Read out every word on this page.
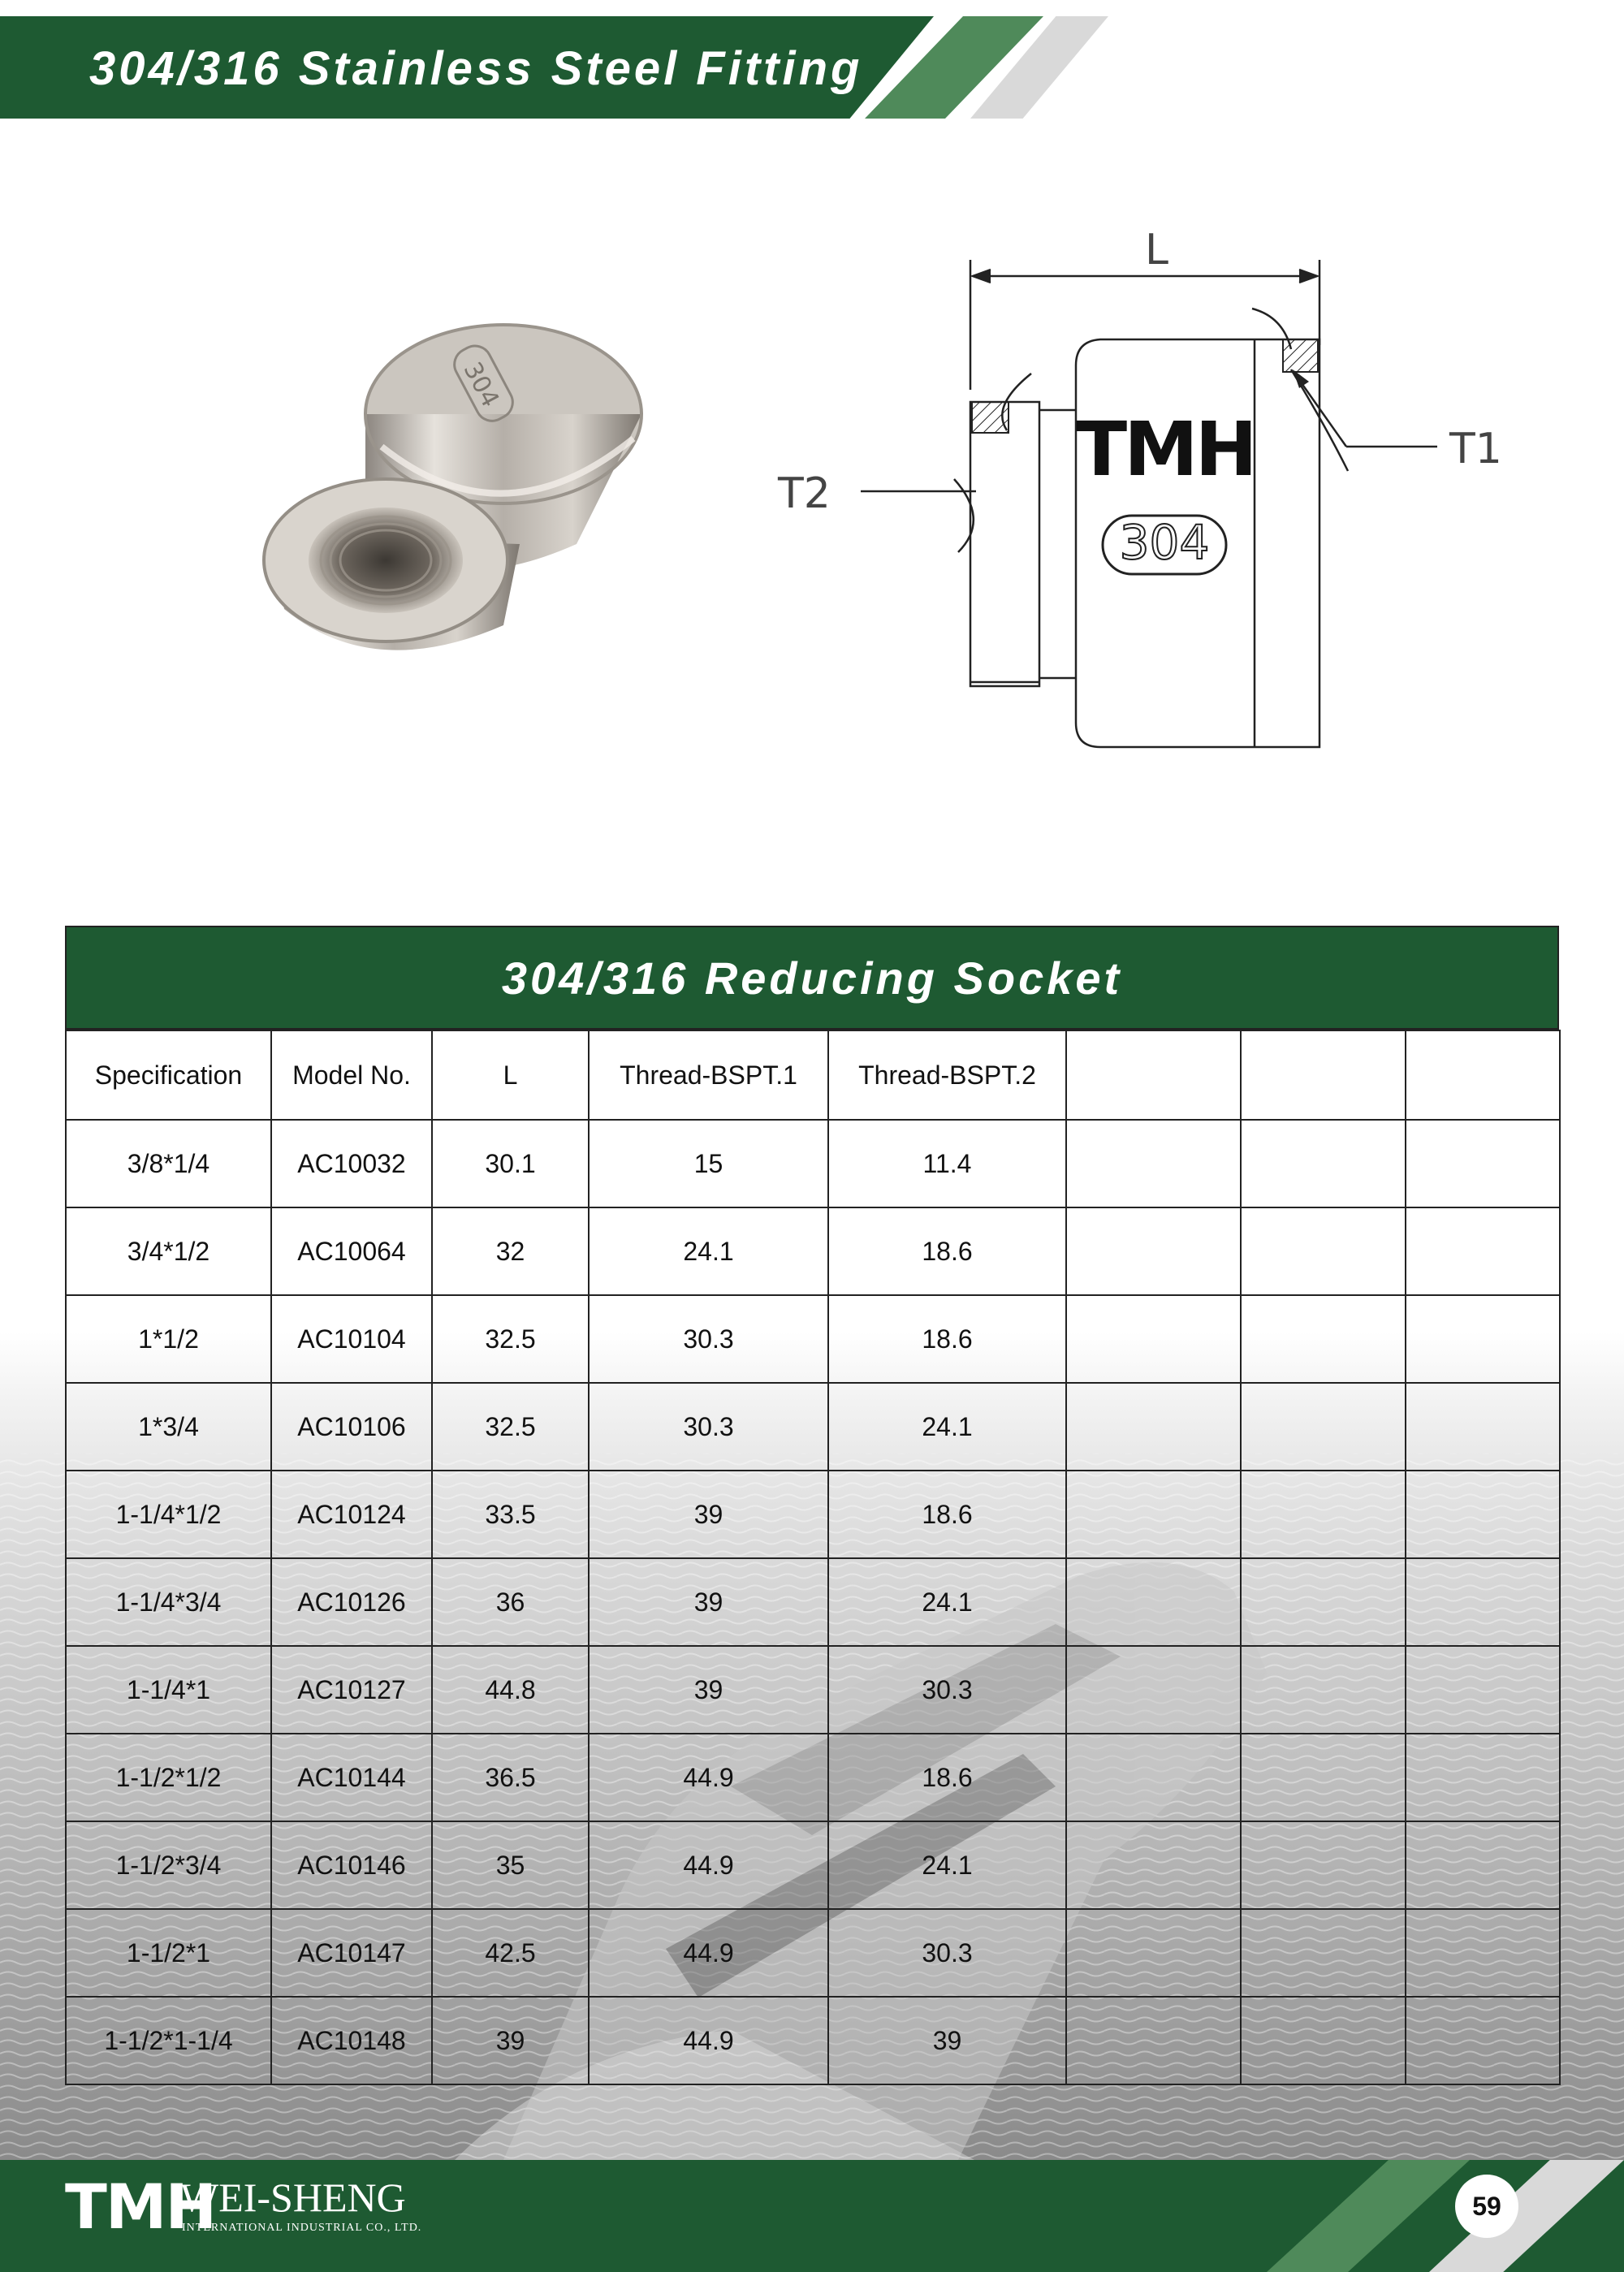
304/316 Stainless Steel Fitting
304
L
T2
T1
TMH
304
304/316 Reducing Socket
Specification	Model No.	L	Thread-BSPT.1	Thread-BSPT.2			
3/8*1/4	AC10032	30.1	15	11.4			
3/4*1/2	AC10064	32	24.1	18.6			
1*1/2	AC10104	32.5	30.3	18.6			
1*3/4	AC10106	32.5	30.3	24.1			
1-1/4*1/2	AC10124	33.5	39	18.6			
1-1/4*3/4	AC10126	36	39	24.1			
1-1/4*1	AC10127	44.8	39	30.3			
1-1/2*1/2	AC10144	36.5	44.9	18.6			
1-1/2*3/4	AC10146	35	44.9	24.1			
1-1/2*1	AC10147	42.5	44.9	30.3			
1-1/2*1-1/4	AC10148	39	44.9	39			
TMH
WEI-SHENG
INTERNATIONAL INDUSTRIAL CO., LTD.
59
